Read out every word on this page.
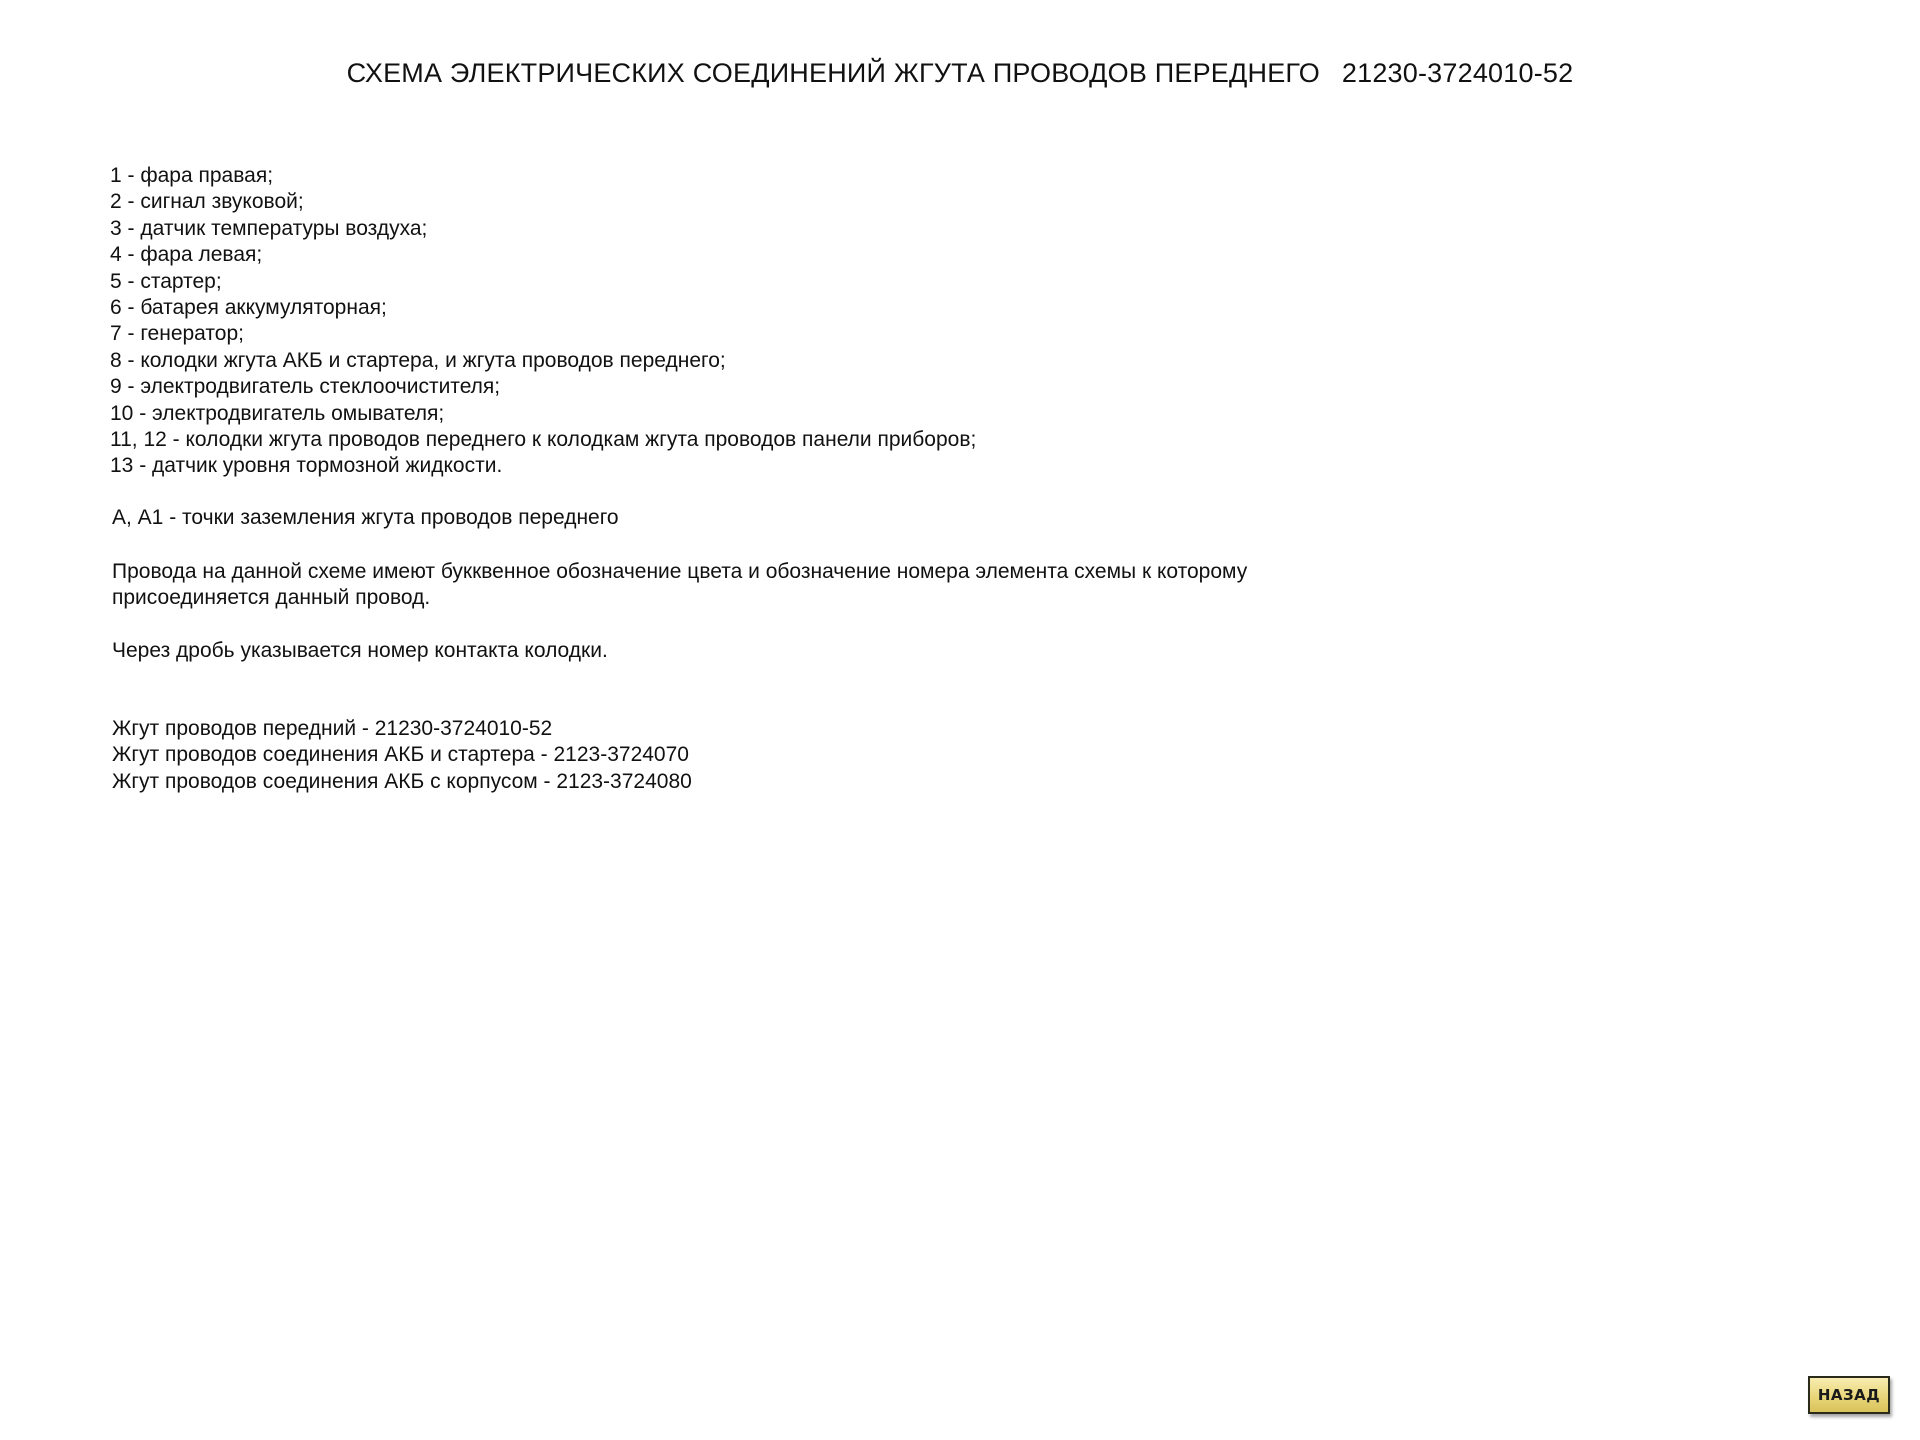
СХЕМА ЭЛЕКТРИЧЕСКИХ СОЕДИНЕНИЙ ЖГУТА ПРОВОДОВ ПЕРЕДНЕГО 21230-3724010-52
1 - фара правая;
2 - сигнал звуковой;
3 - датчик температуры воздуха;
4 - фара левая;
5 - стартер;
6 - батарея аккумуляторная;
7 - генератор;
8 - колодки жгута АКБ и стартера, и жгута проводов переднего;
9 - электродвигатель стеклоочистителя;
10 - электродвигатель омывателя;
11, 12 - колодки жгута проводов переднего к колодкам жгута проводов панели приборов;
13 - датчик уровня тормозной жидкости.

А, А1 - точки заземления жгута проводов переднего

Провода на данной схеме имеют букквенное обозначение цвета и обозначение номера элемента схемы к которому
присоединяется данный провод.

Через дробь указывается номер контакта колодки.

Жгут проводов передний - 21230-3724010-52
Жгут проводов соединения АКБ и стартера - 2123-3724070
Жгут проводов соединения АКБ с корпусом - 2123-3724080
НАЗАД
